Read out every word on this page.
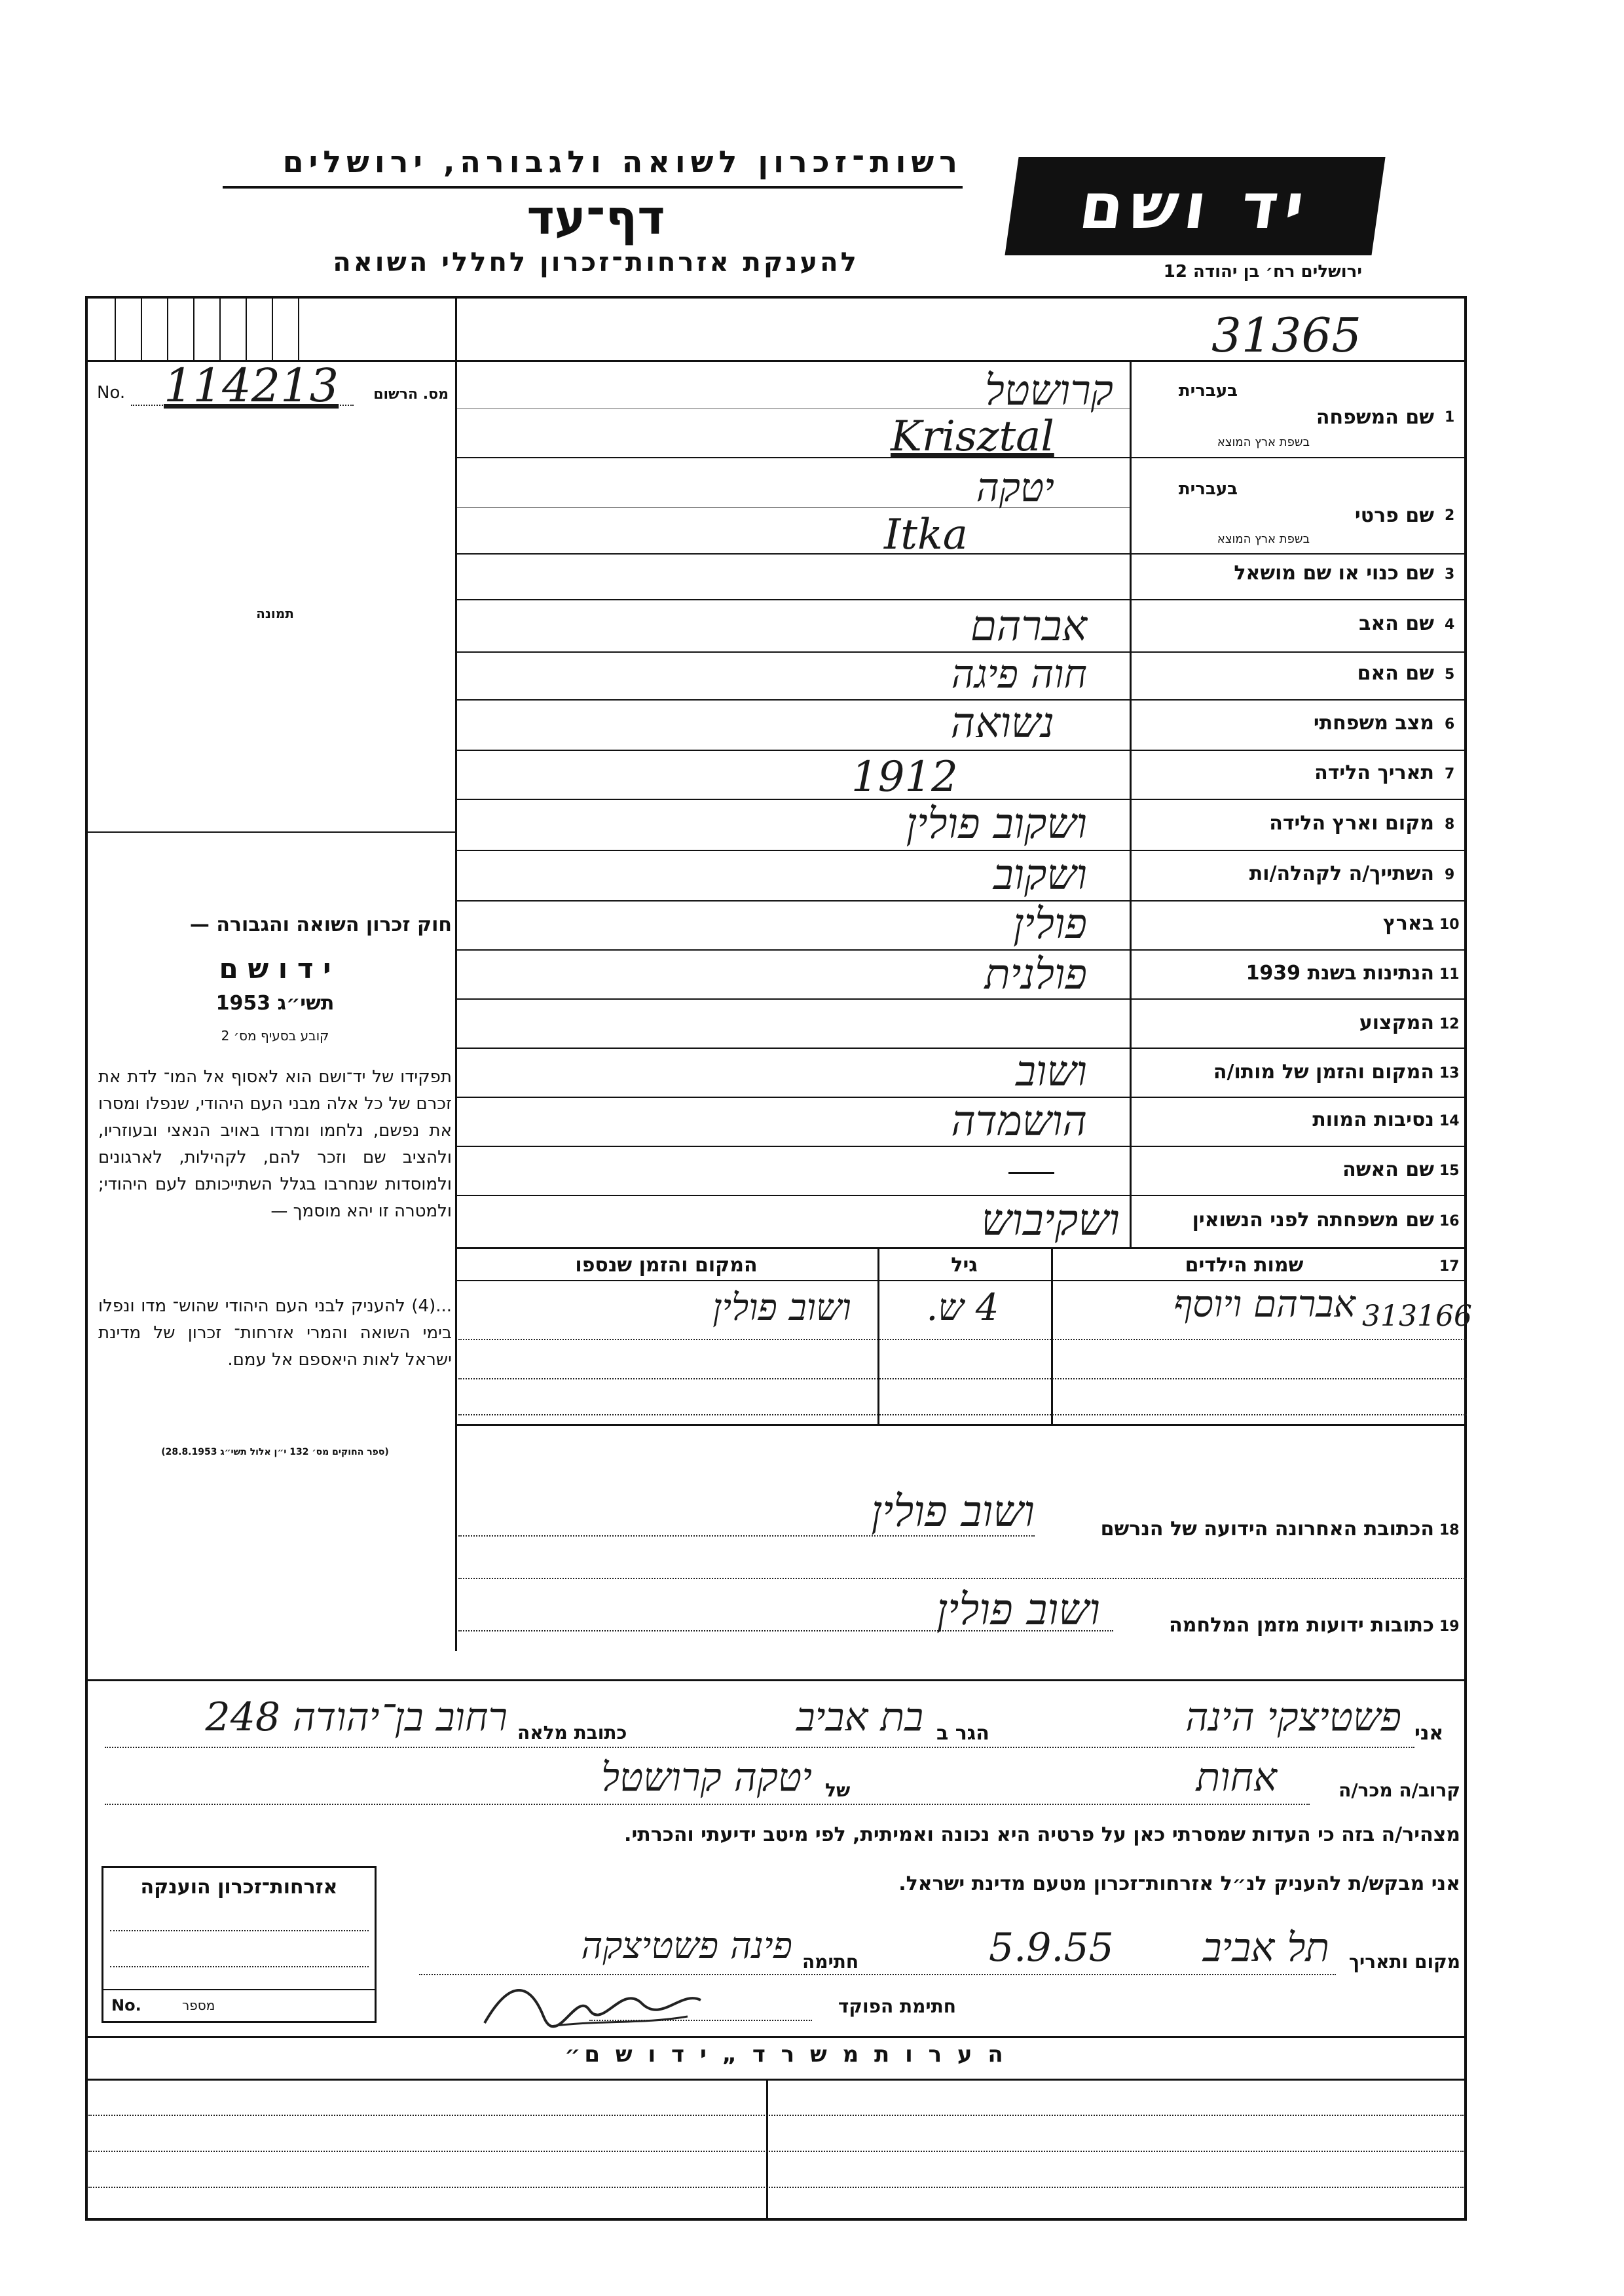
רשות־זכרון לשואה ולגבורה, ירושלים
דף־עד
להענקת אזרחות־זכרון לחללי השואה
יד ושם
ירושלים רח׳ בן יהודה 12
31365
No. 114213	מס. הרשום
תמונה
חוק זכרון השואה והגבורה —
י ד ו ש ם
תשי״ג 1953
קובע בסעיף מס׳ 2
תפקידו של יד־ושם הוא לאסוף אל המו־ לדת את זכרם של כל אלה מבני העם היהודי, שנפלו ומסרו את נפשם, נלחמו ומרדו באויב הנאצי ובעוזריו, ולהציב שם וזכר להם, לקהילות, לארגונים ולמוסדות שנחרבו בגלל השתייכותם לעם היהודי; ולמטרה זו יהא מוסמך —
...(4) להעניק לבני העם היהודי שהוש־ מדו ונפלו בימי השואה והמרי אזרחות־ זכרון של מדינת ישראל לאות היאספם אל עמם.
(ספר החוקים מס׳ 132 י״ן אלול תשי״ג 28.8.1953)
1
שם המשפחה
בעברית
בשפת ארץ המוצא
קרושטל
Krisztal
2
שם פרטי
בעברית
בשפת ארץ המוצא
יטקה
Itka
3
שם כנוי או שם מושאל
4
שם האב
אברהם
5
שם האם
חוה פיגה
6
מצב משפחתי
נשואה
7
תאריך הלידה
1912
8
מקום וארץ הלידה
ושקוב פולין
9
השתייך/ה לקהלה/ות
ושקוב
10
בארץ
פולין
11
הנתינות בשנת 1939
פולנית
12
המקצוע
13
המקום והזמן של מותו/ה
ושוב
14
נסיבות המוות
הושמדה
15
שם האשה
16
שם משפחתה לפני הנשואין
ושקיבוש
17
שמות הילדים
גיל
המקום והזמן שנספו
אברהם ויוסף 313166
4 ש.
ושוב פולין
18
הכתובת האחרונה הידועה של הנרשם
ושוב פולין
19
כתובות ידועות מזמן המלחמה
ושוב פולין
אני
פשטיצקי הינה
הגר ב
בת אביב
כתובת מלאה
רחוב בן־יהודה 248
קרוב/ה מכר/ה
אחות
של
יטקה קרושטל
מצהיר/ה בזה כי העדות שמסרתי כאן על פרטיה היא נכונה ואמיתית, לפי מיטב ידיעתי והכרתי.
אני מבקש/ת להעניק לנ״ל אזרחות־זכרון מטעם מדינת ישראל.
מקום ותאריך
תל אביב
5.9.55
חתימה
פינה פשטיצקה
חתימת הפוקד
אזרחות־זכרון הוענקה
No.	מספר
ה ע ר ו ת מ ש ר ד „ י ד ו ש ם״
